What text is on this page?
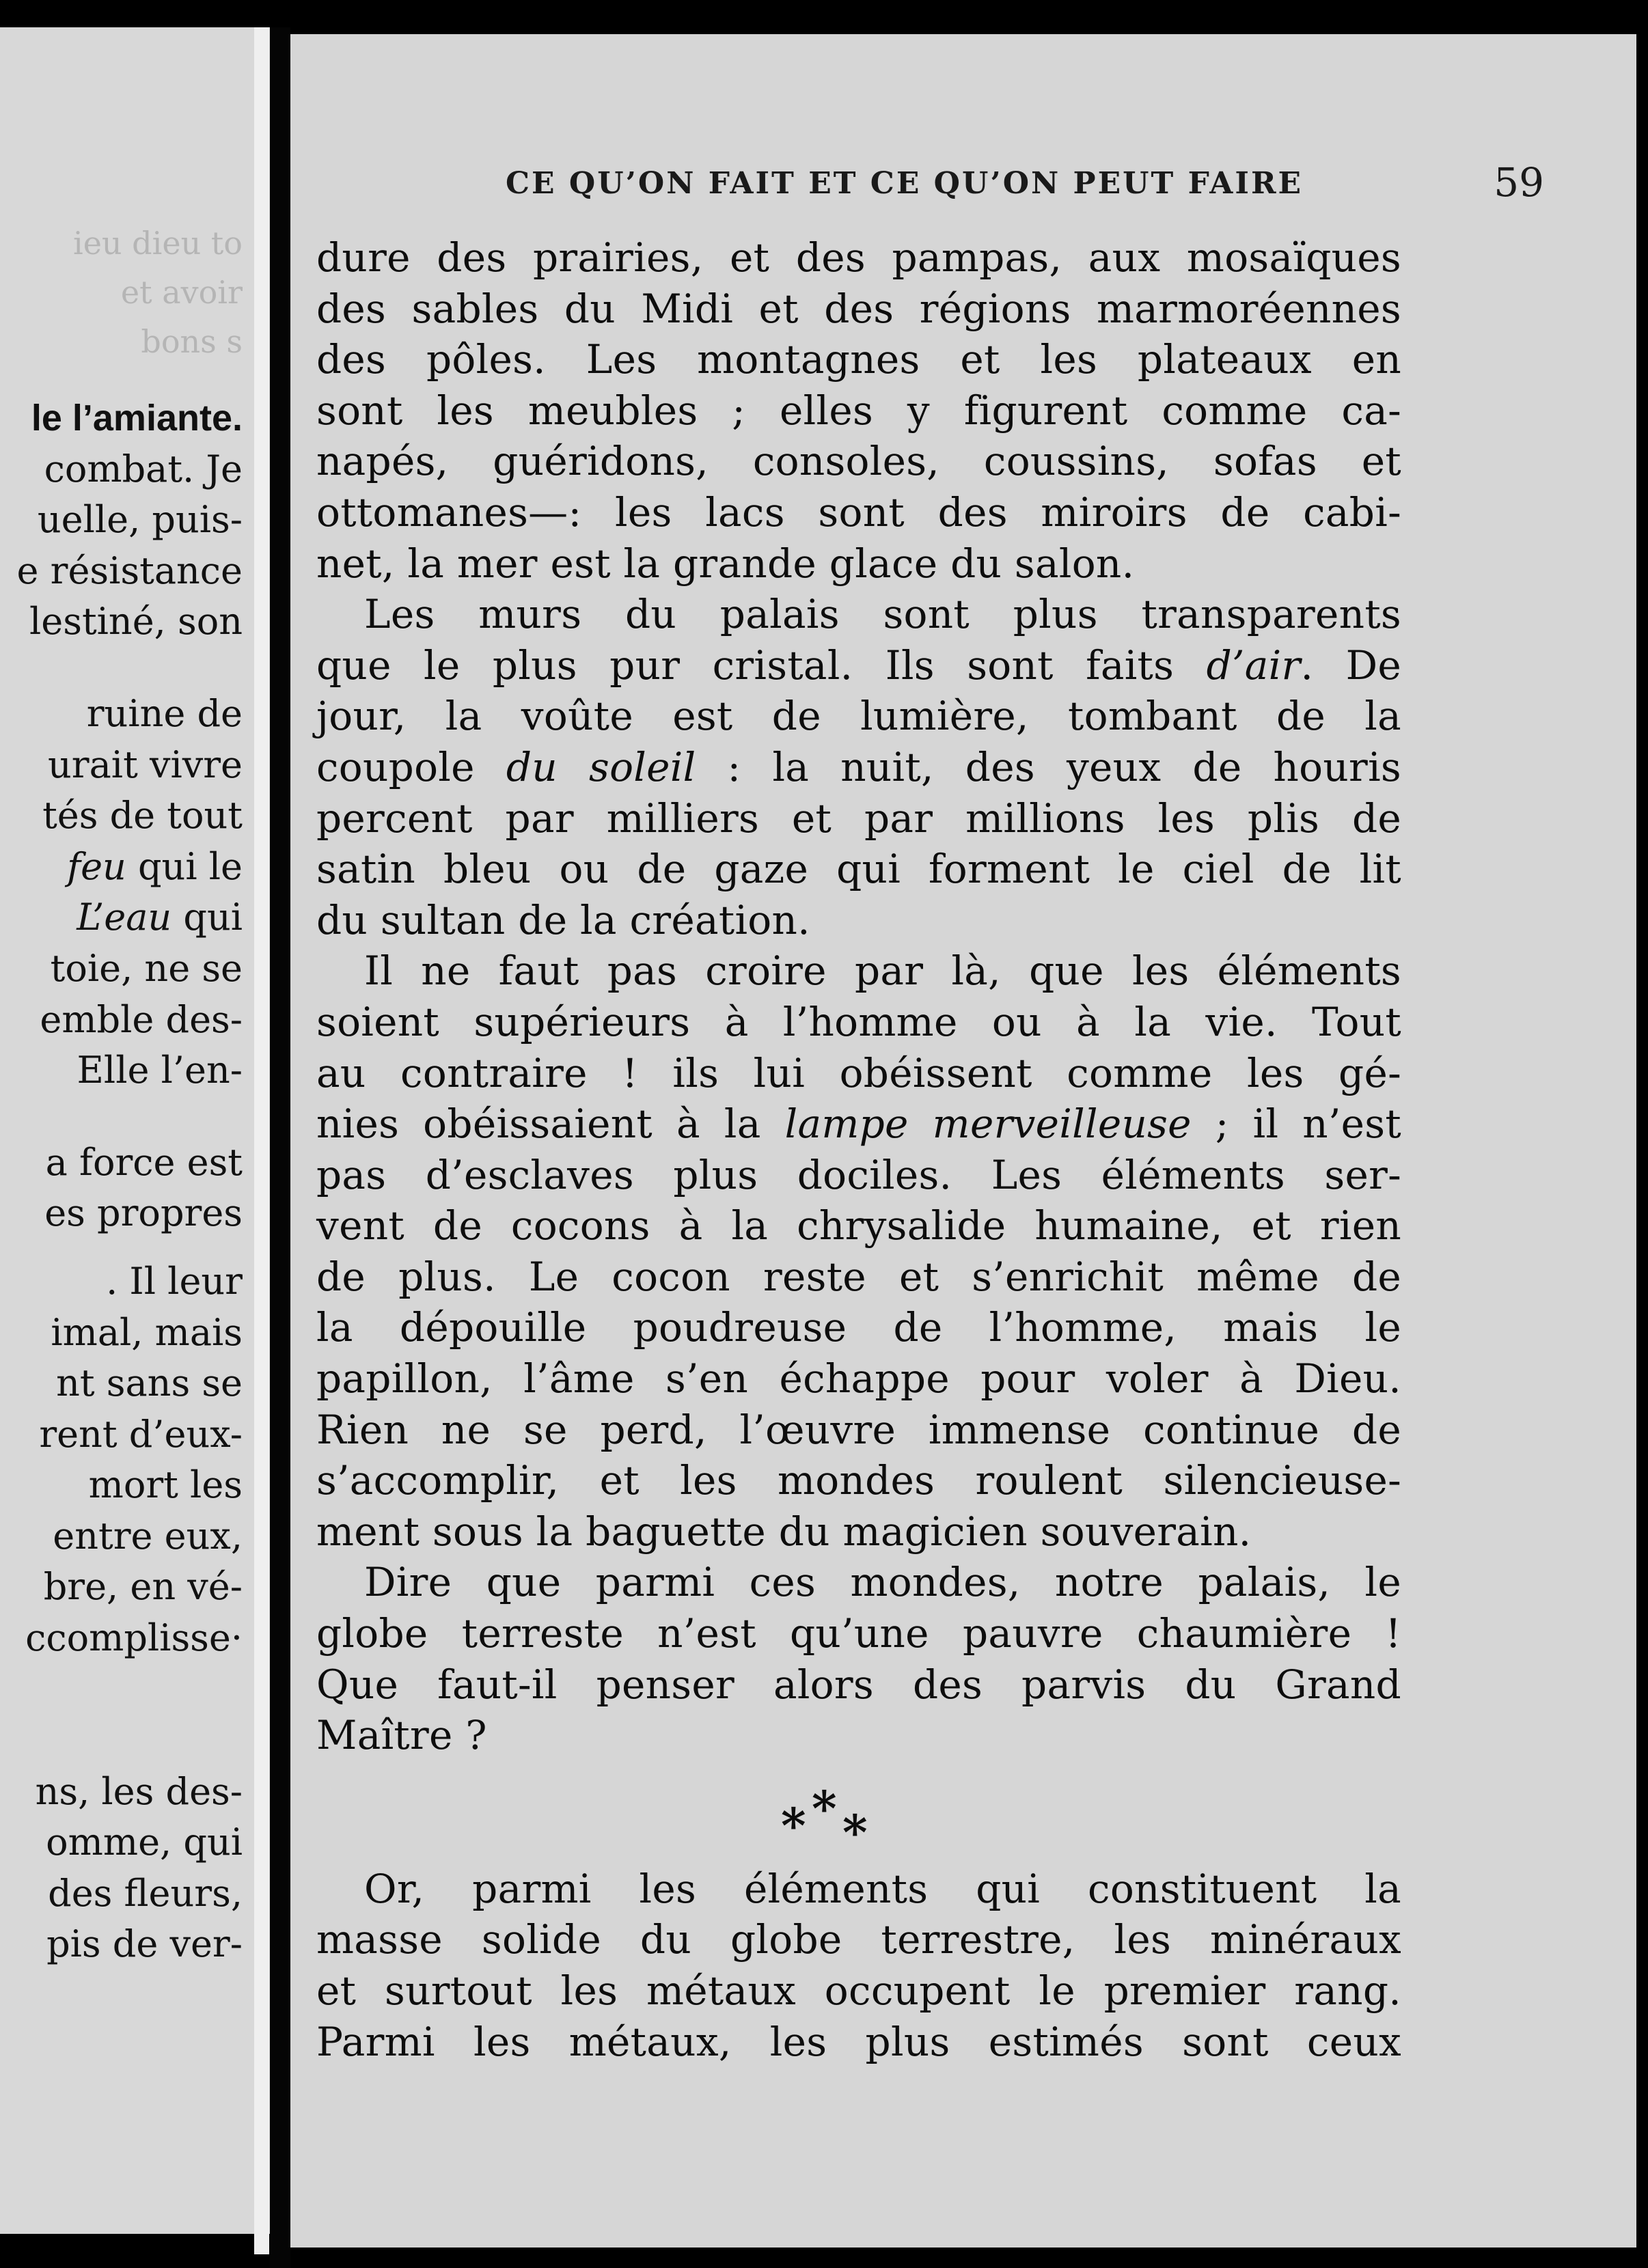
ieu dieu to
et avoir
bons s
le l’amiante.
combat. Je
uelle, puis-
e résistance
lestiné, son
ruine de
urait vivre
tés de tout
feu qui le
L’eau qui
toie, ne se
emble des-
Elle l’en-
a force est
es propres
. Il leur
imal, mais
nt sans se
rent d’eux-
mort les
entre eux,
bre, en vé-
ccomplisse·
ns, les des-
omme, qui
des fleurs,
pis de ver-
CE QU’ON FAIT ET CE QU’ON PEUT FAIRE	59
dure des prairies, et des pampas, aux mosaïques
des sables du Midi et des régions marmoréennes
des pôles. Les montagnes et les plateaux en
sont les meubles ; elles y figurent comme ca-
napés, guéridons, consoles, coussins, sofas et
ottomanes—: les lacs sont des miroirs de cabi-
net, la mer est la grande glace du salon.
Les murs du palais sont plus transparents
que le plus pur cristal. Ils sont faits d’air. De
jour, la voûte est de lumière, tombant de la
coupole du soleil : la nuit, des yeux de houris
percent par milliers et par millions les plis de
satin bleu ou de gaze qui forment le ciel de lit
du sultan de la création.
Il ne faut pas croire par là, que les éléments
soient supérieurs à l’homme ou à la vie. Tout
au contraire ! ils lui obéissent comme les gé-
nies obéissaient à la lampe merveilleuse ; il n’est
pas d’esclaves plus dociles. Les éléments ser-
vent de cocons à la chrysalide humaine, et rien
de plus. Le cocon reste et s’enrichit même de
la dépouille poudreuse de l’homme, mais le
papillon, l’âme s’en échappe pour voler à Dieu.
Rien ne se perd, l’œuvre immense continue de
s’accomplir, et les mondes roulent silencieuse-
ment sous la baguette du magicien souverain.
Dire que parmi ces mondes, notre palais, le
globe terreste n’est qu’une pauvre chaumière !
Que faut-il penser alors des parvis du Grand
Maître ?
* * *
Or, parmi les éléments qui constituent la
masse solide du globe terrestre, les minéraux
et surtout les métaux occupent le premier rang.
Parmi les métaux, les plus estimés sont ceux
